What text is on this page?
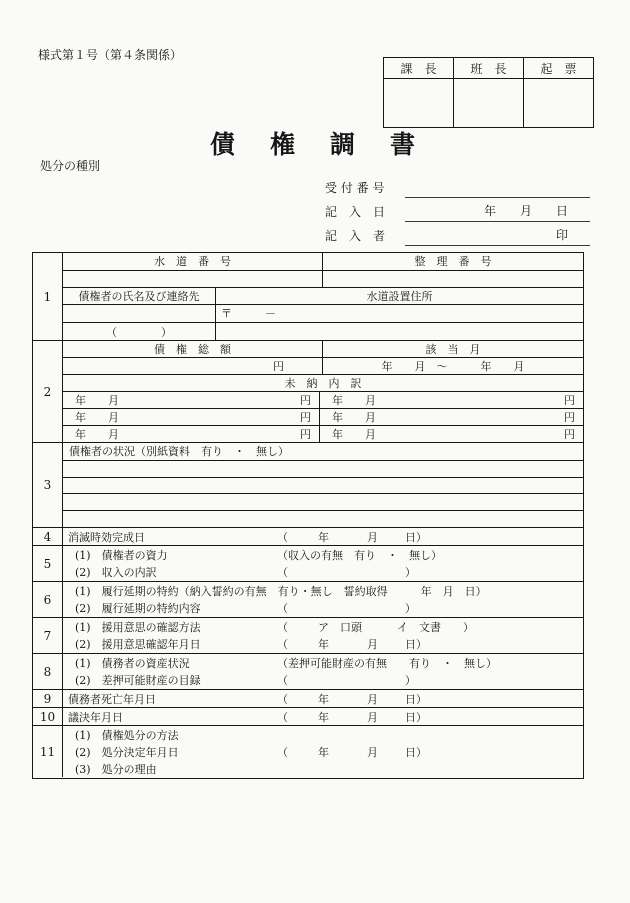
様式第１号（第４条関係）
課　長	班　長	起　票
債　権　調　書
処分の種別
受 付 番 号
記　入　日	年　　月　　日
記　入　者	印
1
水　道　番　号	整　理　番　号
債権者の氏名及び連絡先	水道設置住所
〒　　　－
（　　　　）
2
債　権　総　額	該　当　月
円	年　　月　～　　　年　　月
未　納　内　訳
年　　月	円 年　　月	円
年　　月	円 年　　月	円
年　　月	円 年　　月	円
3
債権者の状況（別紙資料　有り　・　無し）
4	消滅時効完成日	（	年	月 日）
5
(1)　債権者の資力	（収入の有無　有り　・　無し）
(2)　収入の内訳	（	）
6
(1)　履行延期の特約（納入誓約の有無　有り・無し　誓約取得　　　年　月　日）
(2)　履行延期の特約内容	（	）
7
(1)　援用意思の確認方法	（	ア　口頭	イ　文書 ）
(2)　援用意思確認年月日	（	年	月 日）
8
(1)　債務者の資産状況	（差押可能財産の有無　　有り　・　無し）
(2)　差押可能財産の目録	（	）
9	債務者死亡年月日	（	年	月 日）
10	議決年月日	（	年	月 日）
11
(1)　債権処分の方法
(2)　処分決定年月日	（	年	月 日）
(3)　処分の理由
